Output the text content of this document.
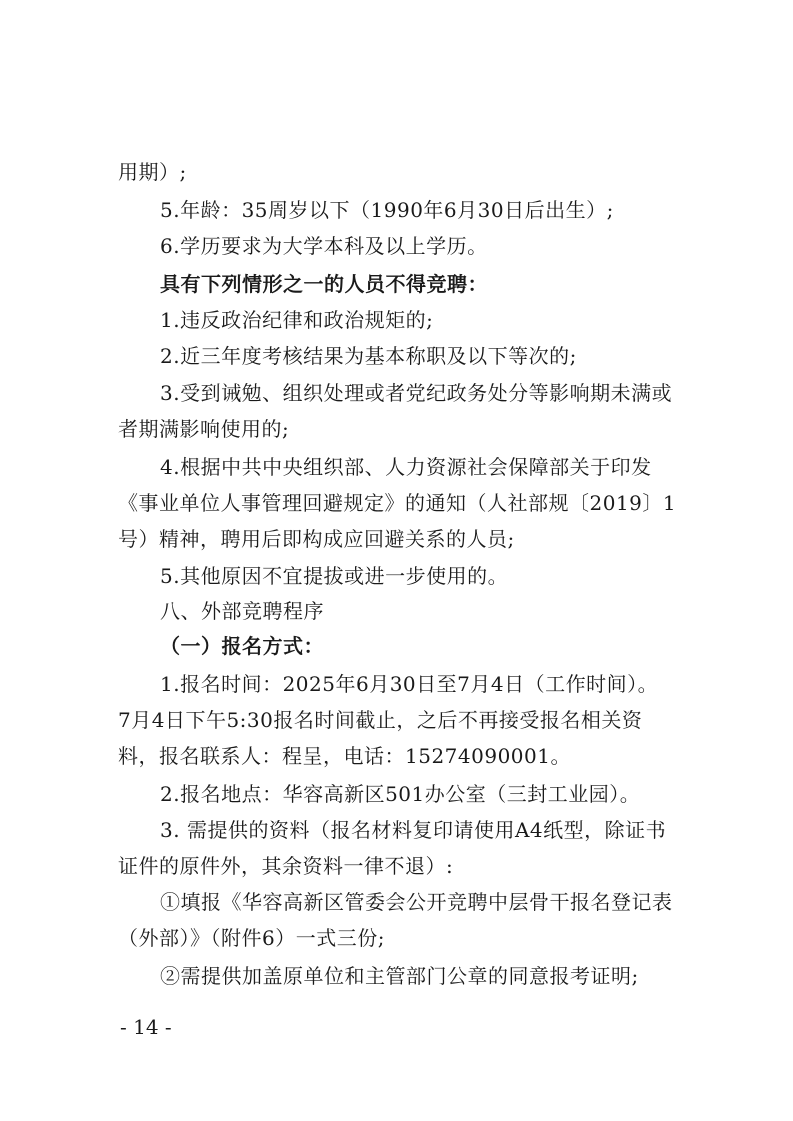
用期）;
5.年龄：35周岁以下（1990年6月30日后出生）;
6.学历要求为大学本科及以上学历。
具有下列情形之一的人员不得竞聘：
1.违反政治纪律和政治规矩的;
2.近三年度考核结果为基本称职及以下等次的;
3.受到诫勉、组织处理或者党纪政务处分等影响期未满或
者期满影响使用的;
4.根据中共中央组织部、人力资源社会保障部关于印发
《事业单位人事管理回避规定》的通知（人社部规〔2019〕1
号）精神，聘用后即构成应回避关系的人员;
5.其他原因不宜提拔或进一步使用的。
八、外部竞聘程序
（一）报名方式：
1.报名时间：2025年6月30日至7月4日（工作时间）。
7月4日下午5:30报名时间截止，之后不再接受报名相关资
料，报名联系人：程呈，电话：15274090001。
2.报名地点：华容高新区501办公室（三封工业园）。
3. 需提供的资料（报名材料复印请使用A4纸型，除证书
证件的原件外，其余资料一律不退）:
①填报《华容高新区管委会公开竞聘中层骨干报名登记表
（外部）》（附件6）一式三份;
②需提供加盖原单位和主管部门公章的同意报考证明;
- 14 -
